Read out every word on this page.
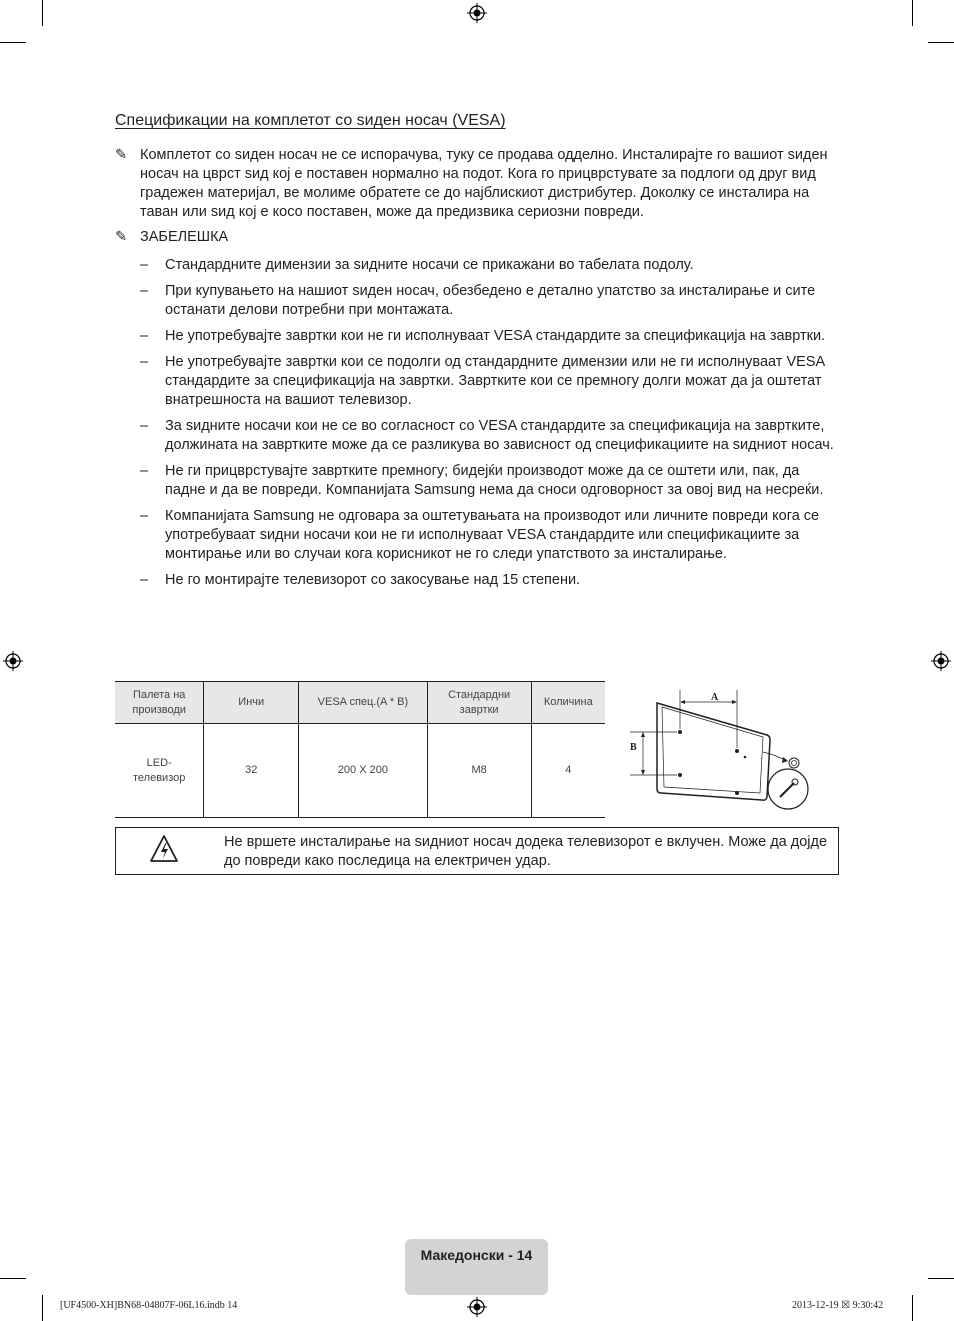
Спецификации на комплетот со ѕиден носач (VESA)
✎ Комплетот со ѕиден носач не се испорачува, туку се продава одделно. Инсталирајте го вашиот ѕиден носач на цврст ѕид кој е поставен нормално на подот. Кога го прицврстувате за подлоги од друг вид градежен материјал, ве молиме обратете се до најблискиот дистрибутер. Доколку се инсталира на таван или ѕид кој е косо поставен, може да предизвика сериозни повреди.
✎ ЗАБЕЛЕШКА
– Стандардните димензии за ѕидните носачи се прикажани во табелата подолу.
– При купувањето на нашиот ѕиден носач, обезбедено е детално упатство за инсталирање и сите останати делови потребни при монтажата.
– Не употребувајте завртки кои не ги исполнуваат VESA стандардите за спецификација на завртки.
– Не употребувајте завртки кои се подолги од стандардните димензии или не ги исполнуваат VESA стандардите за спецификација на завртки. Завртките кои се премногу долги можат да ја оштетат внатрешноста на вашиот телевизор.
– За ѕидните носачи кои не се во согласност со VESA стандардите за спецификација на завртките, должината на завртките може да се разликува во зависност од спецификациите на ѕидниот носач.
– Не ги прицврстувајте завртките премногу; бидејќи производот може да се оштети или, пак, да падне и да ве повреди. Компанијата Samsung нема да сноси одговорност за овој вид на несреќи.
– Компанијата Samsung не одговара за оштетувањата на производот или личните повреди кога се употребуваат ѕидни носачи кои не ги исполнуваат VESA стандардите или спецификациите за монтирање или во случаи кога корисникот не го следи упатството за инсталирање.
– Не го монтирајте телевизорот со закосување над 15 степени.
Палета на производи	Инчи	VESA спец.(A * B)	Стандардни завртки	Количина
LED-телевизор	32	200 X 200	M8	4
A
B
Не вршете инсталирање на ѕидниот носач додека телевизорот е вклучен. Може да дојде до повреди како последица на електричен удар.
Македонски - 14
[UF4500-XH]BN68-04807F-06L16.indb 14	2013-12-19 ☒ 9:30:42
